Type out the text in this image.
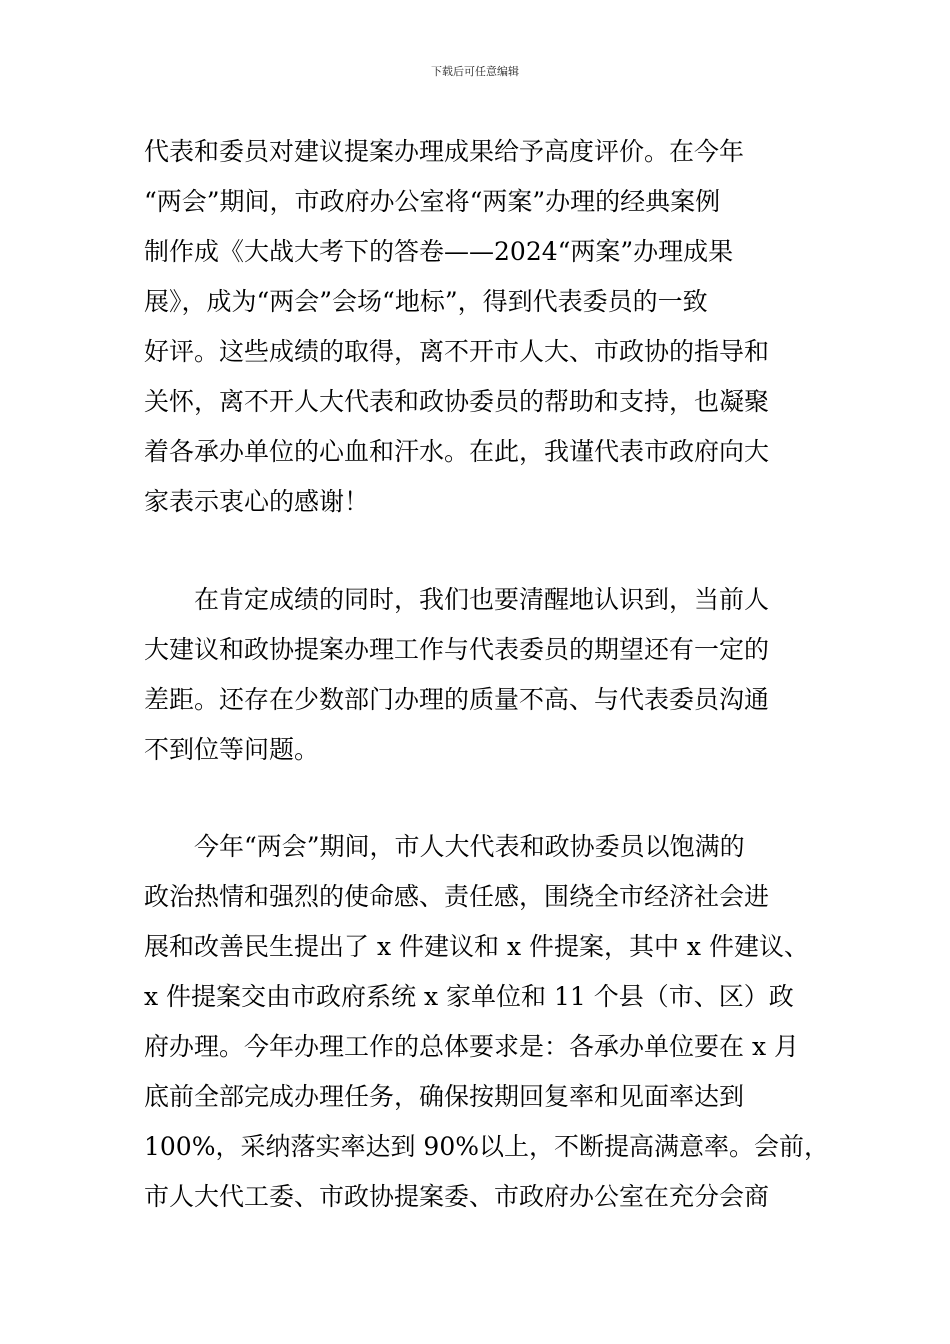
下载后可任意编辑
代表和委员对建议提案办理成果给予高度评价。在今年
“两会”期间，市政府办公室将“两案”办理的经典案例
制作成《大战大考下的答卷——2024“两案”办理成果
展》，成为“两会”会场“地标”，得到代表委员的一致
好评。这些成绩的取得，离不开市人大、市政协的指导和
关怀，离不开人大代表和政协委员的帮助和支持，也凝聚
着各承办单位的心血和汗水。在此，我谨代表市政府向大
家表示衷心的感谢！
在肯定成绩的同时，我们也要清醒地认识到，当前人
大建议和政协提案办理工作与代表委员的期望还有一定的
差距。还存在少数部门办理的质量不高、与代表委员沟通
不到位等问题。
今年“两会”期间，市人大代表和政协委员以饱满的
政治热情和强烈的使命感、责任感，围绕全市经济社会进
展和改善民生提出了 x 件建议和 x 件提案，其中 x 件建议、
x 件提案交由市政府系统 x 家单位和 11 个县（市、区）政
府办理。今年办理工作的总体要求是：各承办单位要在 x 月
底前全部完成办理任务，确保按期回复率和见面率达到
100%，采纳落实率达到 90%以上，不断提高满意率。会前，
市人大代工委、市政协提案委、市政府办公室在充分会商
